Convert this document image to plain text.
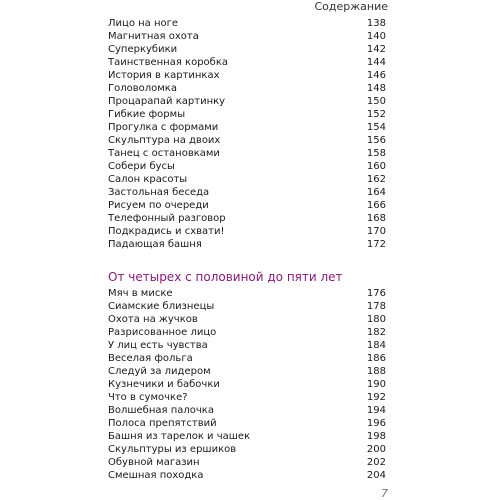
Содержание
Лицо на ноге	138
Магнитная охота	140
Суперкубики	142
Таинственная коробка	144
История в картинках	146
Головоломка	148
Процарапай картинку	150
Гибкие формы	152
Прогулка с формами	154
Скульптура на двоих	156
Танец с остановками	158
Собери бусы	160
Салон красоты	162
Застольная беседа	164
Рисуем по очереди	166
Телефонный разговор	168
Подкрадись и схвати!	170
Падающая башня	172
От четырех с половиной до пяти лет
Мяч в миске	176
Сиамские близнецы	178
Охота на жучков	180
Разрисованное лицо	182
У лиц есть чувства	184
Веселая фольга	186
Следуй за лидером	188
Кузнечики и бабочки	190
Что в сумочке?	192
Волшебная палочка	194
Полоса препятствий	196
Башня из тарелок и чашек	198
Скульптуры из ершиков	200
Обувной магазин	202
Смешная походка	204
7
